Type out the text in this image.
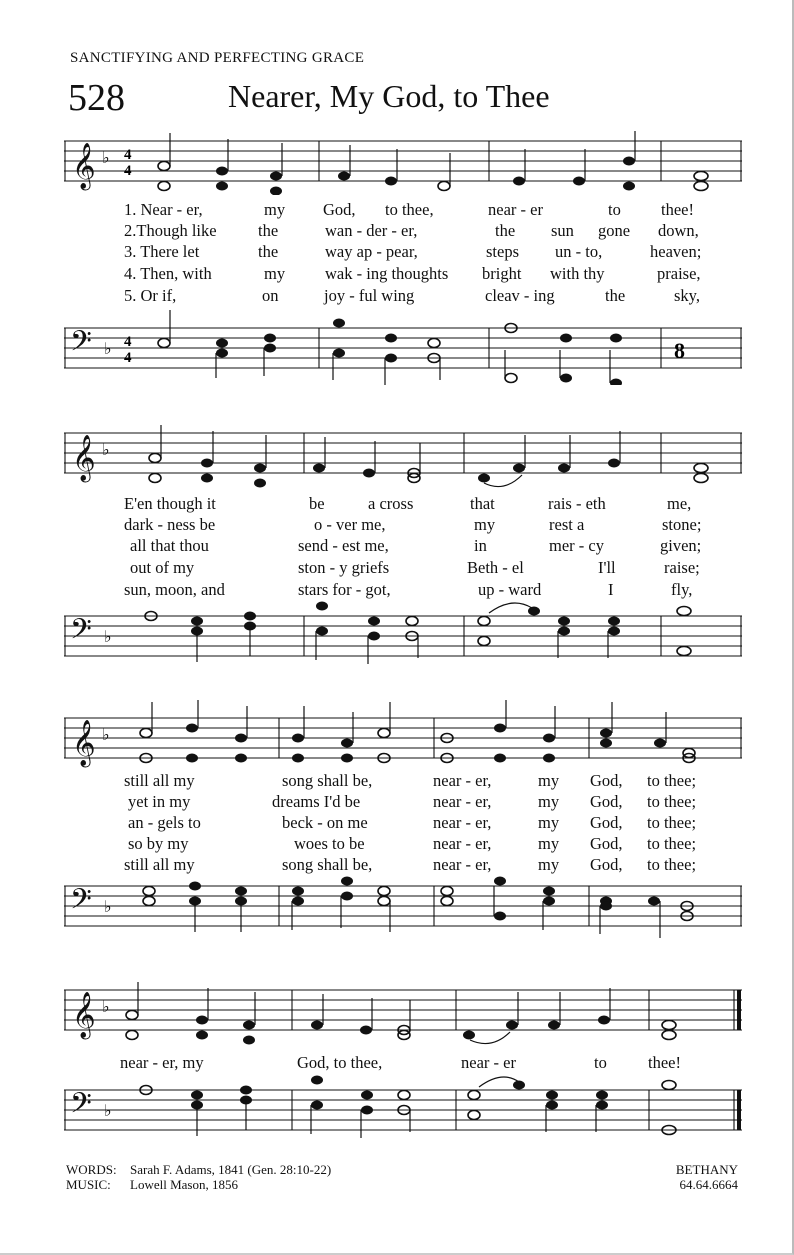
SANCTIFYING AND PERFECTING GRACE
528	Nearer, My God, to Thee
𝄞 ♭ 4
4
1. Near - er,	my God, to thee,	near - er	to thee!
2.Though like	the	wan - der - er,	the sun gone down,
3. There let	the	way ap - pear,	steps un - to,	heaven;
4. Then, with	my wak - ing thoughts bright with thy	praise,
5. Or if,	on	joy - ful wing	cleav - ing	the	sky,
𝄢 ♭ 4
4	8
𝄞 ♭
E'en though it	be	a cross	that	rais - eth	me,
dark - ness be	o - ver me,	my	rest a	stone;
all that thou	send - est me,	in	mer - cy	given;
out of my	ston - y griefs	Beth - el	I'll	raise;
sun, moon, and	stars for - got,	up - ward	I	fly,
𝄢 ♭
𝄞 ♭
still all my	song shall be,	near - er,	my God, to thee;
yet in my	dreams I'd be	near - er,	my God, to thee;
an - gels to	beck - on me	near - er,	my God, to thee;
so by my	woes to be	near - er,	my God, to thee;
still all my	song shall be,	near - er,	my God, to thee;
𝄢 ♭
𝄞 ♭
near - er, my	God, to thee,	near - er	to thee!
𝄢 ♭
WORDS:	Sarah F. Adams, 1841 (Gen. 28:10-22)
MUSIC:	Lowell Mason, 1856
BETHANY
64.64.6664
